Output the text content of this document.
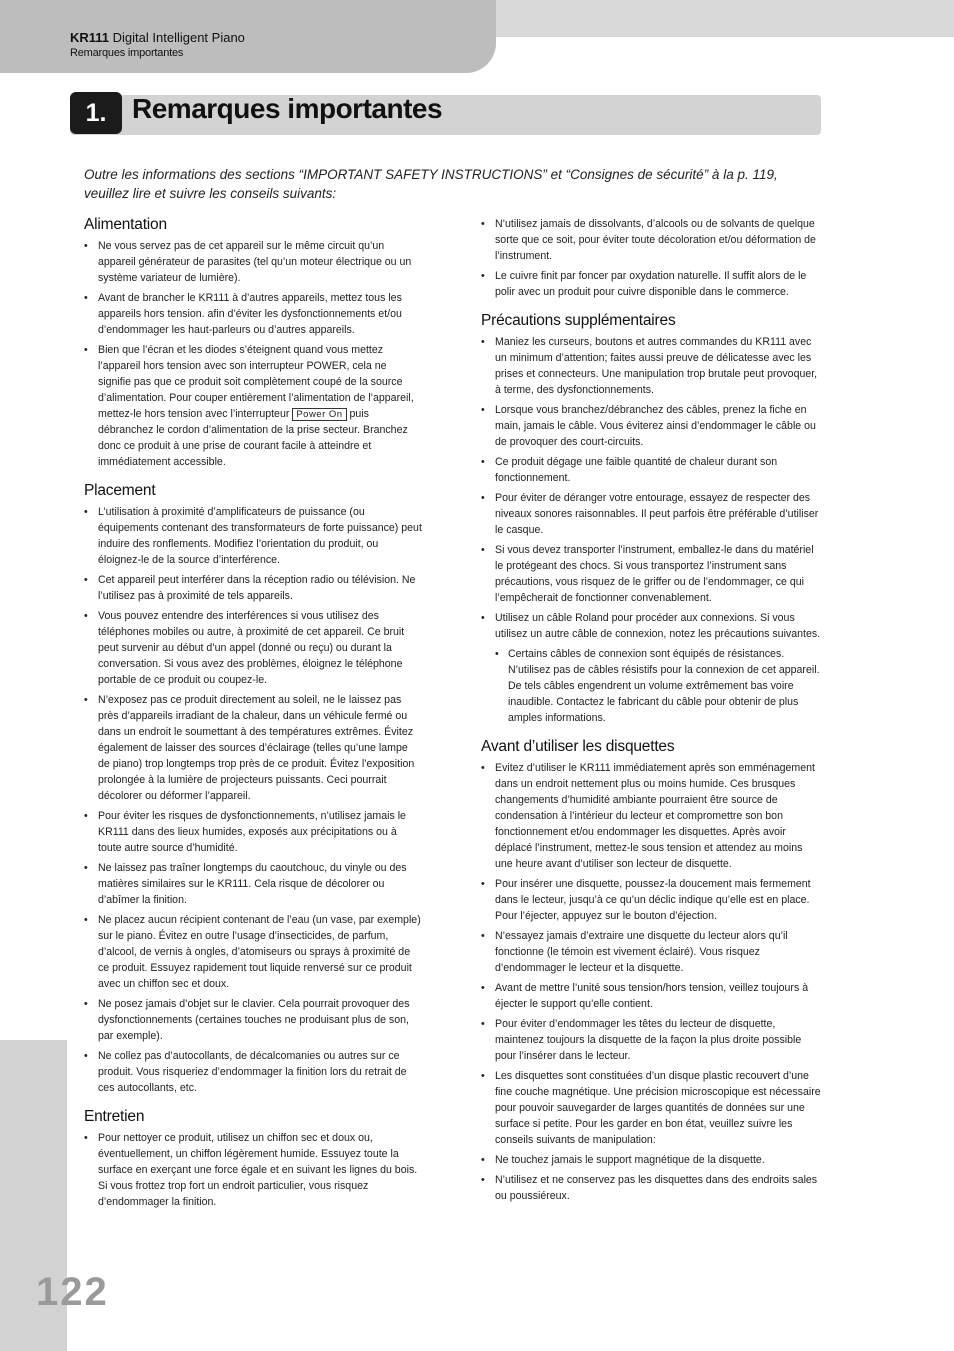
KR111 Digital Intelligent Piano
Remarques importantes
1. Remarques importantes
Outre les informations des sections “IMPORTANT SAFETY INSTRUCTIONS” et “Consignes de sécurité” à la p. 119, veuillez lire et suivre les conseils suivants:
Alimentation
• Ne vous servez pas de cet appareil sur le même circuit qu’un appareil générateur de parasites (tel qu’un moteur électrique ou un système variateur de lumière).
• Avant de brancher le KR111 à d’autres appareils, mettez tous les appareils hors tension. afin d’éviter les dysfonctionnements et/ou d’endommager les haut-parleurs ou d’autres appareils.
• Bien que l’écran et les diodes s’éteignent quand vous mettez l’appareil hors tension avec son interrupteur POWER, cela ne signifie pas que ce produit soit complètement coupé de la source d’alimentation. Pour couper entièrement l’alimentation de l’appareil, mettez-le hors tension avec l’interrupteur Power On puis débranchez le cordon d’alimentation de la prise secteur. Branchez donc ce produit à une prise de courant facile à atteindre et immédiatement accessible.
Placement
• L’utilisation à proximité d’amplificateurs de puissance (ou équipements contenant des transformateurs de forte puissance) peut induire des ronflements. Modifiez l’orientation du produit, ou éloignez-le de la source d’interférence.
• Cet appareil peut interférer dans la réception radio ou télévision. Ne l’utilisez pas à proximité de tels appareils.
• Vous pouvez entendre des interférences si vous utilisez des téléphones mobiles ou autre, à proximité de cet appareil. Ce bruit peut survenir au début d’un appel (donné ou reçu) ou durant la conversation. Si vous avez des problèmes, éloignez le téléphone portable de ce produit ou coupez-le.
• N’exposez pas ce produit directement au soleil, ne le laissez pas près d’appareils irradiant de la chaleur, dans un véhicule fermé ou dans un endroit le soumettant à des températures extrêmes. Évitez également de laisser des sources d’éclairage (telles qu’une lampe de piano) trop longtemps trop près de ce produit. Évitez l’exposition prolongée à la lumière de projecteurs puissants. Ceci pourrait décolorer ou déformer l’appareil.
• Pour éviter les risques de dysfonctionnements, n’utilisez jamais le KR111 dans des lieux humides, exposés aux précipitations ou à toute autre source d’humidité.
• Ne laissez pas traîner longtemps du caoutchouc, du vinyle ou des matières similaires sur le KR111. Cela risque de décolorer ou d’abîmer la finition.
• Ne placez aucun récipient contenant de l’eau (un vase, par exemple) sur le piano. Évitez en outre l’usage d’insecticides, de parfum, d’alcool, de vernis à ongles, d’atomiseurs ou sprays à proximité de ce produit. Essuyez rapidement tout liquide renversé sur ce produit avec un chiffon sec et doux.
• Ne posez jamais d’objet sur le clavier. Cela pourrait provoquer des dysfonctionnements (certaines touches ne produisant plus de son, par exemple).
• Ne collez pas d’autocollants, de décalcomanies ou autres sur ce produit. Vous risqueriez d’endommager la finition lors du retrait de ces autocollants, etc.
Entretien
• Pour nettoyer ce produit, utilisez un chiffon sec et doux ou, éventuellement, un chiffon légèrement humide. Essuyez toute la surface en exerçant une force égale et en suivant les lignes du bois. Si vous frottez trop fort un endroit particulier, vous risquez d’endommager la finition.
• N’utilisez jamais de dissolvants, d’alcools ou de solvants de quelque sorte que ce soit, pour éviter toute décoloration et/ou déformation de l’instrument.
• Le cuivre finit par foncer par oxydation naturelle. Il suffit alors de le polir avec un produit pour cuivre disponible dans le commerce.
Précautions supplémentaires
• Maniez les curseurs, boutons et autres commandes du KR111 avec un minimum d’attention; faites aussi preuve de délicatesse avec les prises et connecteurs. Une manipulation trop brutale peut provoquer, à terme, des dysfonctionnements.
• Lorsque vous branchez/débranchez des câbles, prenez la fiche en main, jamais le câble. Vous éviterez ainsi d’endommager le câble ou de provoquer des court-circuits.
• Ce produit dégage une faible quantité de chaleur durant son fonctionnement.
• Pour éviter de déranger votre entourage, essayez de respecter des niveaux sonores raisonnables. Il peut parfois être préférable d’utiliser le casque.
• Si vous devez transporter l’instrument, emballez-le dans du matériel le protégeant des chocs. Si vous transportez l’instrument sans précautions, vous risquez de le griffer ou de l’endommager, ce qui l’empêcherait de fonctionner convenablement.
• Utilisez un câble Roland pour procéder aux connexions. Si vous utilisez un autre câble de connexion, notez les précautions suivantes.
• Certains câbles de connexion sont équipés de résistances. N’utilisez pas de câbles résistifs pour la connexion de cet appareil. De tels câbles engendrent un volume extrêmement bas voire inaudible. Contactez le fabricant du câble pour obtenir de plus amples informations.
Avant d’utiliser les disquettes
• Evitez d’utiliser le KR111 immédiatement après son emménagement dans un endroit nettement plus ou moins humide. Ces brusques changements d’humidité ambiante pourraient être source de condensation à l’intérieur du lecteur et compromettre son bon fonctionnement et/ou endommager les disquettes. Après avoir déplacé l’instrument, mettez-le sous tension et attendez au moins une heure avant d’utiliser son lecteur de disquette.
• Pour insérer une disquette, poussez-la doucement mais fermement dans le lecteur, jusqu’à ce qu’un déclic indique qu’elle est en place. Pour l’éjecter, appuyez sur le bouton d’éjection.
• N’essayez jamais d’extraire une disquette du lecteur alors qu’il fonctionne (le témoin est vivement éclairé). Vous risquez d’endommager le lecteur et la disquette.
• Avant de mettre l’unité sous tension/hors tension, veillez toujours à éjecter le support qu’elle contient.
• Pour éviter d’endommager les têtes du lecteur de disquette, maintenez toujours la disquette de la façon la plus droite possible pour l’insérer dans le lecteur.
• Les disquettes sont constituées d’un disque plastic recouvert d’une fine couche magnétique. Une précision microscopique est nécessaire pour pouvoir sauvegarder de larges quantités de données sur une surface si petite. Pour les garder en bon état, veuillez suivre les conseils suivants de manipulation:
• Ne touchez jamais le support magnétique de la disquette.
• N’utilisez et ne conservez pas les disquettes dans des endroits sales ou poussiéreux.
Roland
122
